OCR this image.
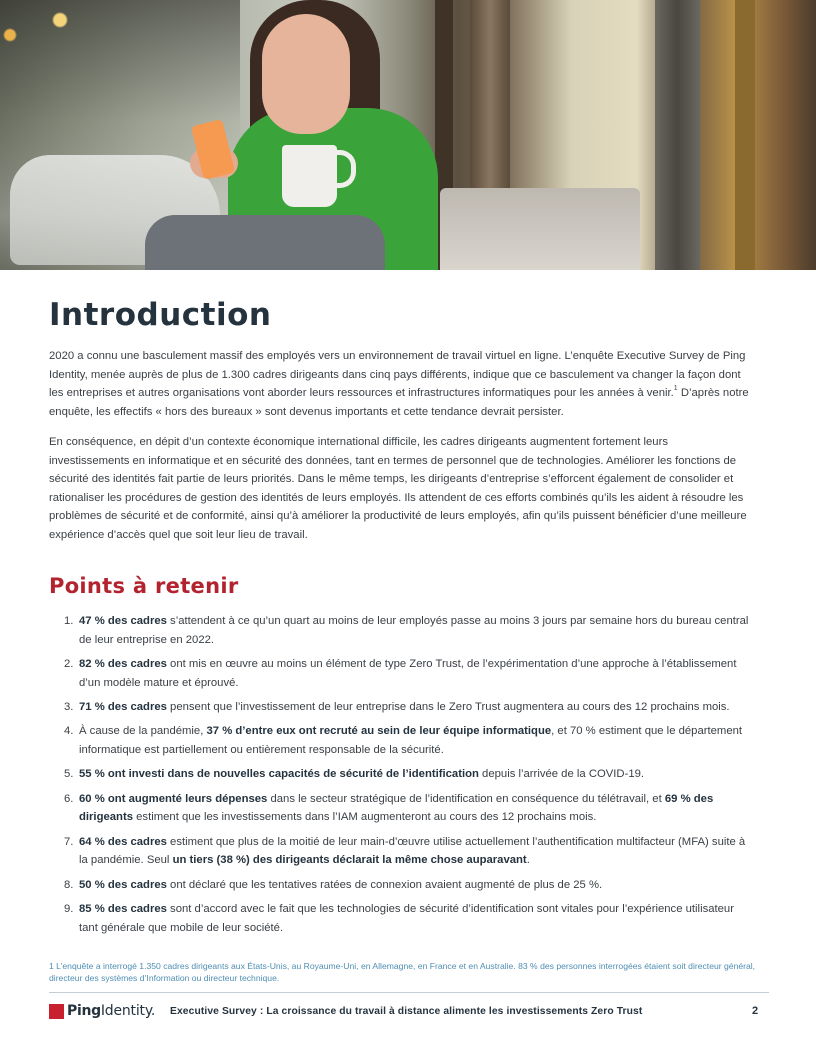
Introduction

2020 a connu une basculement massif des employés vers un environnement de travail virtuel en ligne. L’enquête Executive Survey de Ping Identity, menée auprès de plus de 1.300 cadres dirigeants dans cinq pays différents, indique que ce basculement va changer la façon dont les entreprises et autres organisations vont aborder leurs ressources et infrastructures informatiques pour les années à venir.$^1$ D’après notre enquête, les effectifs « hors des bureaux » sont devenus importants et cette tendance devrait persister.

En conséquence, en dépit d’un contexte économique international difficile, les cadres dirigeants augmentent fortement leurs investissements en informatique et en sécurité des données, tant en termes de personnel que de technologies. Améliorer les fonctions de sécurité des identités fait partie de leurs priorités. Dans le même temps, les dirigeants d’entreprise s’efforcent également de consolider et rationaliser les procédures de gestion des identités de leurs employés. Ils attendent de ces efforts combinés qu’ils les aident à résoudre les problèmes de sécurité et de conformité, ainsi qu’à améliorer la productivité de leurs employés, afin qu’ils puissent bénéficier d’une meilleure expérience d’accès quel que soit leur lieu de travail.

Points à retenir
1. 47 % des cadres s’attendent à ce qu’un quart au moins de leur employés passe au moins 3 jours par semaine hors du bureau central de leur entreprise en 2022.
2. 82 % des cadres ont mis en œuvre au moins un élément de type Zero Trust, de l’expérimentation d’une approche à l’établissement d’un modèle mature et éprouvé.
3. 71 % des cadres pensent que l’investissement de leur entreprise dans le Zero Trust augmentera au cours des 12 prochains mois.
4. À cause de la pandémie, 37 % d’entre eux ont recruté au sein de leur équipe informatique, et 70 % estiment que le département informatique est partiellement ou entièrement responsable de la sécurité.
5. 55 % ont investi dans de nouvelles capacités de sécurité de l’identification depuis l’arrivée de la COVID-19.
6. 60 % ont augmenté leurs dépenses dans le secteur stratégique de l’identification en conséquence du télétravail, et 69 % des dirigeants estiment que les investissements dans l’IAM augmenteront au cours des 12 prochains mois.
7. 64 % des cadres estiment que plus de la moitié de leur main-d’œuvre utilise actuellement l’authentification multifacteur (MFA) suite à la pandémie. Seul un tiers (38 %) des dirigeants déclarait la même chose auparavant.
8. 50 % des cadres ont déclaré que les tentatives ratées de connexion avaient augmenté de plus de 25 %.
9. 85 % des cadres sont d’accord avec le fait que les technologies de sécurité d’identification sont vitales pour l’expérience utilisateur tant générale que mobile de leur société.

1 L’enquête a interrogé 1.350 cadres dirigeants aux États-Unis, au Royaume-Uni, en Allemagne, en France et en Australie. 83 % des personnes interrogées étaient soit directeur général, directeur des systèmes d’Information ou directeur technique.

Ping Identity. Executive Survey : La croissance du travail à distance alimente les investissements Zero Trust	2
